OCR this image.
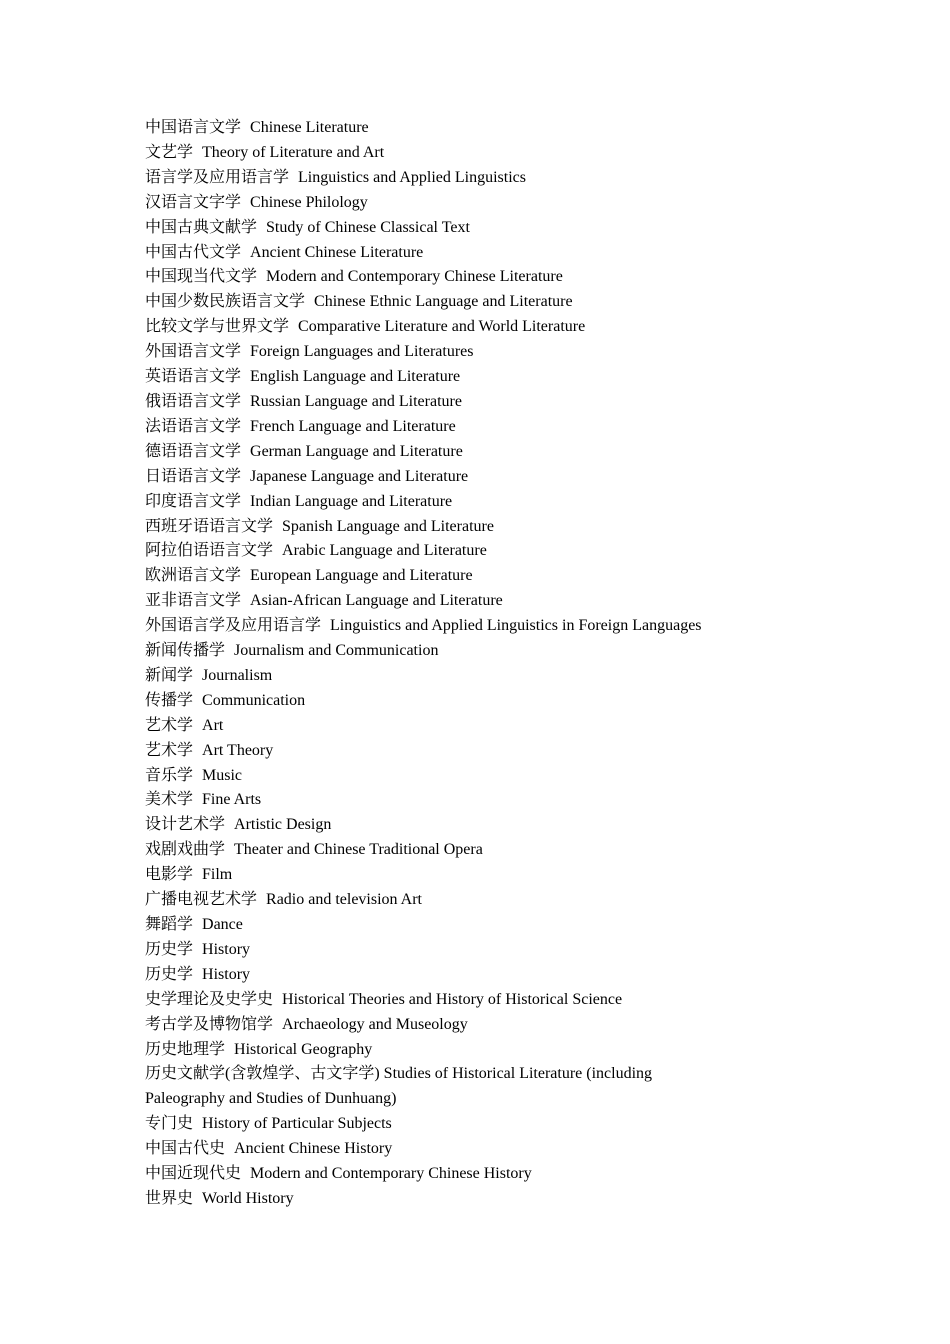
中国语言文学 Chinese Literature
文艺学 Theory of Literature and Art
语言学及应用语言学 Linguistics and Applied Linguistics
汉语言文字学 Chinese Philology
中国古典文献学 Study of Chinese Classical Text
中国古代文学 Ancient Chinese Literature
中国现当代文学 Modern and Contemporary Chinese Literature
中国少数民族语言文学 Chinese Ethnic Language and Literature
比较文学与世界文学 Comparative Literature and World Literature
外国语言文学 Foreign Languages and Literatures
英语语言文学 English Language and Literature
俄语语言文学 Russian Language and Literature
法语语言文学 French Language and Literature
德语语言文学 German Language and Literature
日语语言文学 Japanese Language and Literature
印度语言文学 Indian Language and Literature
西班牙语语言文学 Spanish Language and Literature
阿拉伯语语言文学 Arabic Language and Literature
欧洲语言文学 European Language and Literature
亚非语言文学 Asian-African Language and Literature
外国语言学及应用语言学 Linguistics and Applied Linguistics in Foreign Languages
新闻传播学 Journalism and Communication
新闻学 Journalism
传播学 Communication
艺术学 Art
艺术学 Art Theory
音乐学 Music
美术学 Fine Arts
设计艺术学 Artistic Design
戏剧戏曲学 Theater and Chinese Traditional Opera
电影学 Film
广播电视艺术学 Radio and television Art
舞蹈学 Dance
历史学 History
历史学 History
史学理论及史学史 Historical Theories and History of Historical Science
考古学及博物馆学 Archaeology and Museology
历史地理学 Historical Geography
历史文献学(含敦煌学、古文字学) Studies of Historical Literature (including Paleography and Studies of Dunhuang)
专门史 History of Particular Subjects
中国古代史 Ancient Chinese History
中国近现代史 Modern and Contemporary Chinese History
世界史 World History
